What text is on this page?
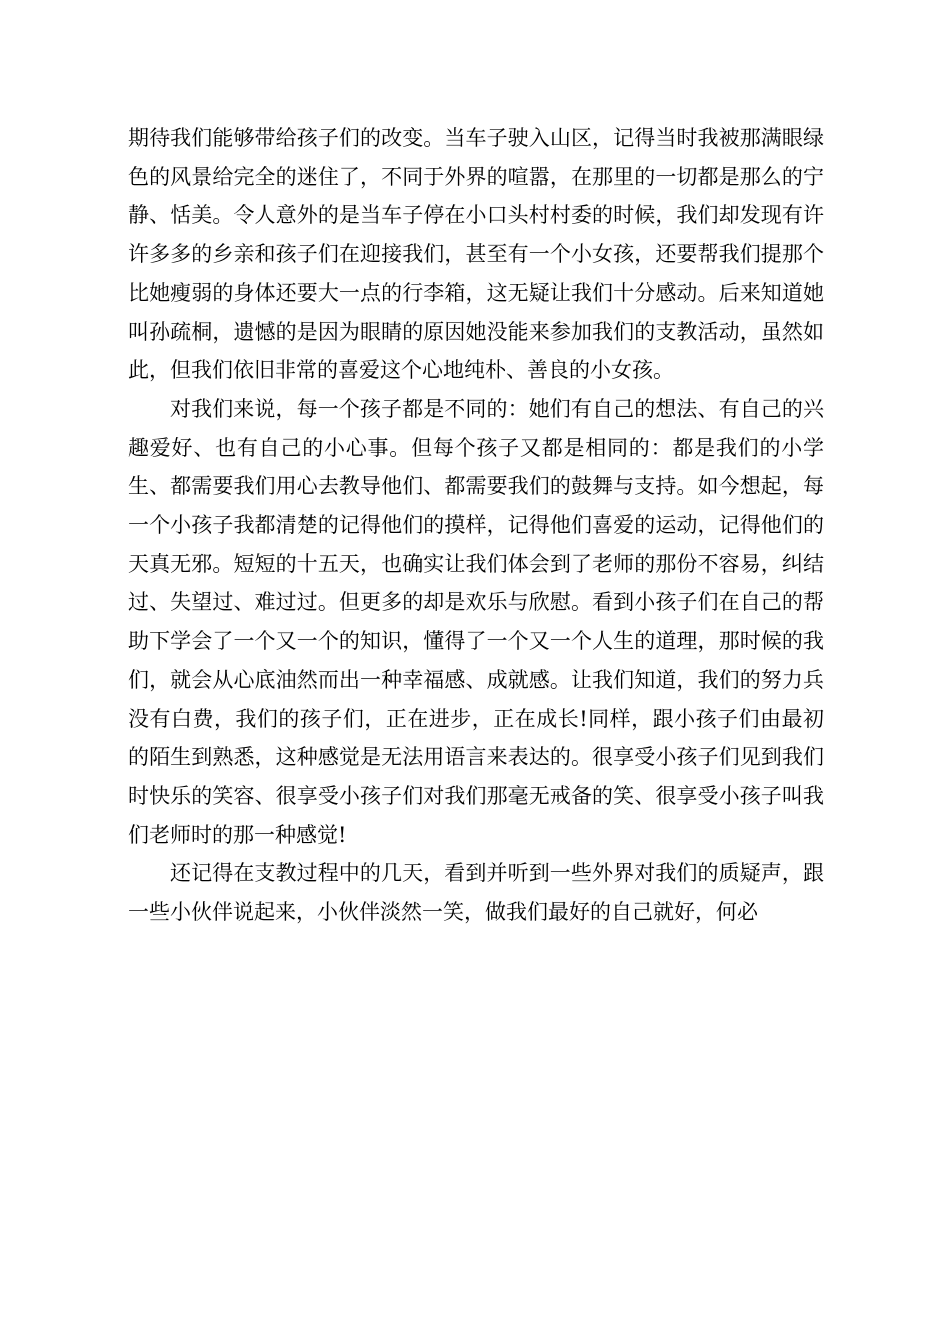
期待我们能够带给孩子们的改变。当车子驶入山区，记得当时我被那满眼绿色的风景给完全的迷住了，不同于外界的喧嚣，在那里的一切都是那么的宁静、恬美。令人意外的是当车子停在小口头村村委的时候，我们却发现有许许多多的乡亲和孩子们在迎接我们，甚至有一个小女孩，还要帮我们提那个比她瘦弱的身体还要大一点的行李箱，这无疑让我们十分感动。后来知道她叫孙疏桐，遗憾的是因为眼睛的原因她没能来参加我们的支教活动，虽然如此，但我们依旧非常的喜爱这个心地纯朴、善良的小女孩。

对我们来说，每一个孩子都是不同的：她们有自己的想法、有自己的兴趣爱好、也有自己的小心事。但每个孩子又都是相同的：都是我们的小学生、都需要我们用心去教导他们、都需要我们的鼓舞与支持。如今想起，每一个小孩子我都清楚的记得他们的摸样，记得他们喜爱的运动，记得他们的天真无邪。短短的十五天，也确实让我们体会到了老师的那份不容易，纠结过、失望过、难过过。但更多的却是欢乐与欣慰。看到小孩子们在自己的帮助下学会了一个又一个的知识，懂得了一个又一个人生的道理，那时候的我们，就会从心底油然而出一种幸福感、成就感。让我们知道，我们的努力兵没有白费，我们的孩子们，正在进步，正在成长!同样，跟小孩子们由最初的陌生到熟悉，这种感觉是无法用语言来表达的。很享受小孩子们见到我们时快乐的笑容、很享受小孩子们对我们那毫无戒备的笑、很享受小孩子叫我们老师时的那一种感觉!

还记得在支教过程中的几天，看到并听到一些外界对我们的质疑声，跟一些小伙伴说起来，小伙伴淡然一笑，做我们最好的自己就好，何必
